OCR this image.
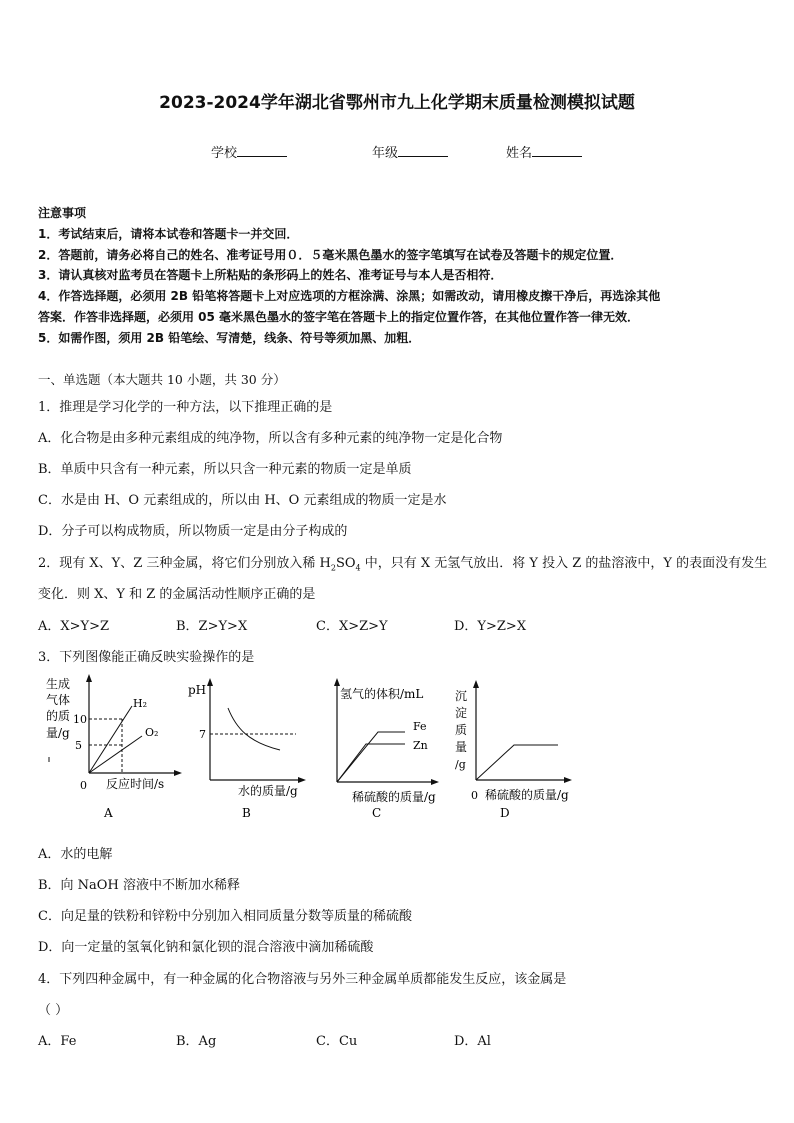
2023-2024学年湖北省鄂州市九上化学期末质量检测模拟试题
学校	年级	姓名
注意事项
1．考试结束后，请将本试卷和答题卡一并交回．
2．答题前，请务必将自己的姓名、准考证号用０．５毫米黑色墨水的签字笔填写在试卷及答题卡的规定位置．
3．请认真核对监考员在答题卡上所粘贴的条形码上的姓名、准考证号与本人是否相符．
4．作答选择题，必须用 2B 铅笔将答题卡上对应选项的方框涂满、涂黑；如需改动，请用橡皮擦干净后，再选涂其他
答案．作答非选择题，必须用 05 毫米黑色墨水的签字笔在答题卡上的指定位置作答，在其他位置作答一律无效．
5．如需作图，须用 2B 铅笔绘、写清楚，线条、符号等须加黑、加粗．
一、单选题（本大题共 10 小题，共 30 分）
1．推理是学习化学的一种方法，以下推理正确的是
A．化合物是由多种元素组成的纯净物，所以含有多种元素的纯净物一定是化合物
B．单质中只含有一种元素，所以只含一种元素的物质一定是单质
C．水是由 H、O 元素组成的，所以由 H、O 元素组成的物质一定是水
D．分子可以构成物质，所以物质一定是由分子构成的
2．现有 X、Y、Z 三种金属，将它们分别放入稀 $H_2SO_4$ 中，只有 X 无氢气放出．将 Y 投入 Z 的盐溶液中，Y 的表面没有发生
变化．则 X、Y 和 Z 的金属活动性顺序正确的是
A．X>Y>Z	B．Z>Y>X	C．X>Z>Y	D．Y>Z>X
3．下列图像能正确反映实验操作的是
生成
气体
的质
量/g
10
5
H₂
O₂
0 反应时间/s
A
pH
7
水的质量/g
B
氢气的体积/mL
Fe
Zn
稀硫酸的质量/g
C
沉
淀
质
量
/g
0 稀硫酸的质量/g
D
A．水的电解
B．向 NaOH 溶液中不断加水稀释
C．向足量的铁粉和锌粉中分别加入相同质量分数等质量的稀硫酸
D．向一定量的氢氧化钠和氯化钡的混合溶液中滴加稀硫酸
4．下列四种金属中，有一种金属的化合物溶液与另外三种金属单质都能发生反应，该金属是
（ ）
A．Fe	B．Ag	C．Cu	D．Al
